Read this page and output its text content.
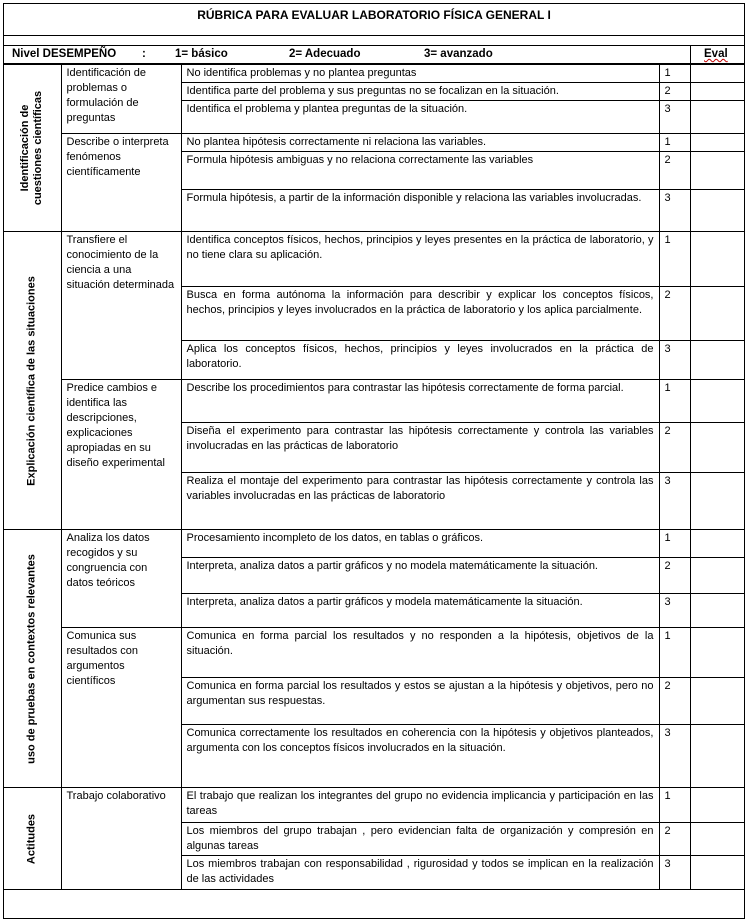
RÚBRICA PARA EVALUAR LABORATORIO FÍSICA GENERAL I
Nivel DESEMPEÑO :	1= básico	2= Adecuado	3= avanzado	Eval
Identificación de
cuestiones científicas	Identificación de problemas o formulación de preguntas	No identifica problemas y no plantea preguntas	1	
		Identifica parte del problema y sus preguntas no se focalizan en la situación.	2	
		Identifica el problema y plantea preguntas de la situación.	3	
	Describe o interpreta fenómenos científicamente	No plantea hipótesis correctamente ni relaciona las variables.	1	
		Formula hipótesis ambiguas y no relaciona correctamente las variables	2	
		Formula hipótesis, a partir de la información disponible y relaciona las variables involucradas.	3	

Explicación científica de las situaciones	Transfiere el conocimiento de la ciencia a una situación determinada	Identifica conceptos físicos, hechos, principios y leyes presentes en la práctica de laboratorio, y no tiene clara su aplicación.	1	
		Busca en forma autónoma la información para describir y explicar los conceptos físicos, hechos, principios y leyes involucrados en la práctica de laboratorio y los aplica parcialmente.	2	
		Aplica los conceptos físicos, hechos, principios y leyes involucrados en la práctica de laboratorio.	3	
	Predice cambios e identifica las descripciones, explicaciones apropiadas en su diseño experimental	Describe los procedimientos para contrastar las hipótesis correctamente de forma parcial.	1	
		Diseña el experimento para contrastar las hipótesis correctamente y controla las variables involucradas en las prácticas de laboratorio	2	
		Realiza el montaje del experimento para contrastar las hipótesis correctamente y controla las variables involucradas en las prácticas de laboratorio	3	

uso de pruebas en contextos relevantes	Analiza los datos recogidos y su congruencia con datos teóricos	Procesamiento incompleto de los datos, en tablas o gráficos.	1	
		Interpreta, analiza datos a partir gráficos y no modela matemáticamente la situación.	2	
		Interpreta, analiza datos a partir gráficos y modela matemáticamente la situación.	3	
	Comunica sus resultados con argumentos científicos	Comunica en forma parcial los resultados y no responden a la hipótesis, objetivos de la situación.	1	
		Comunica en forma parcial los resultados y estos se ajustan a la hipótesis y objetivos, pero no argumentan sus respuestas.	2	
		Comunica correctamente los resultados en coherencia con la hipótesis y objetivos planteados, argumenta con los conceptos físicos involucrados en la situación.	3	

Actitudes	Trabajo colaborativo	El trabajo que realizan los integrantes del grupo no evidencia implicancia y participación en las tareas	1	
		Los miembros del grupo trabajan , pero evidencian falta de organización y compresión en algunas tareas	2	
		Los miembros trabajan con responsabilidad , rigurosidad y todos se implican en la realización de las actividades	3	
